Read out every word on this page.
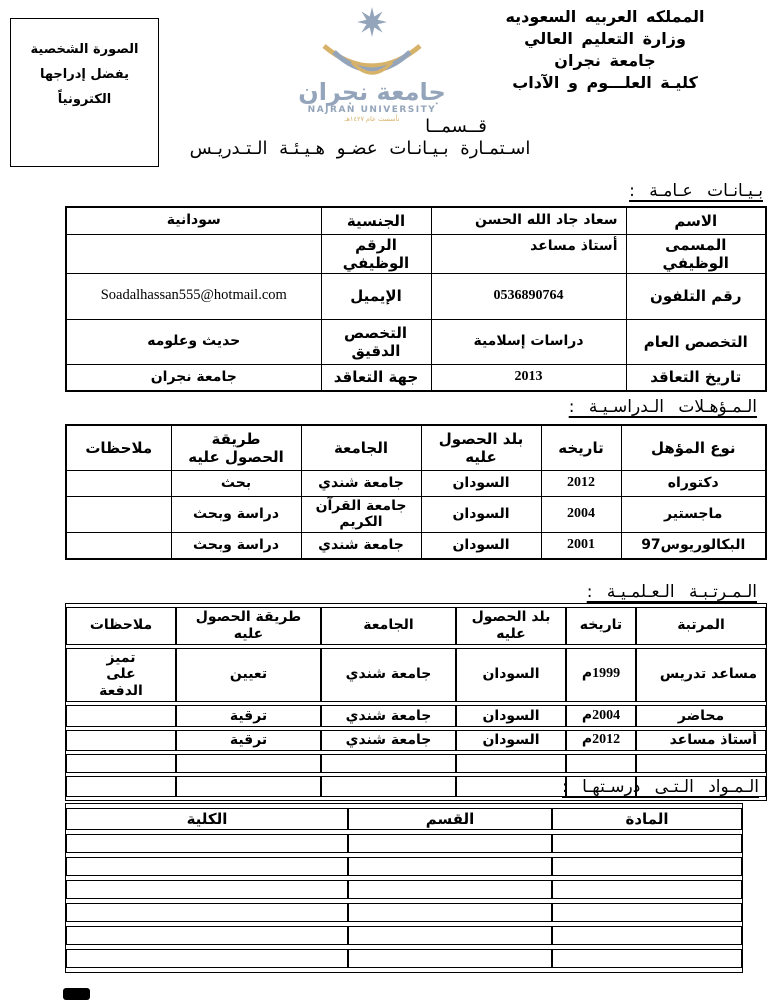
الصورة الشخصية
يفضل إدراجها الكترونياً	جامعة نجران
NAJRAN UNIVERSITY
تأسست عام ١٤٢٧هـ
المملكه العربيه السعوديه
وزارة التعليم العالي
جامعة نجران
كليـة العلـــوم و الآداب
قــسمــا
اسـتمـارة بـيـانـات عضـو هـيـئـة الـتـدريـس
بـيـانـات عـامـة :
الاسم	سعاد جاد الله الحسن	الجنسية	سودانية
المسمى الوظيفي	أستاذ مساعد	الرقم الوظيفي	
رقم التلفون	0536890764	الإيميل	Soadalhassan555@hotmail.com
التخصص العام	دراسات إسلامية	التخصص الدقيق	حديث وعلومه
تاريخ التعاقد	2013	جهة التعاقد	جامعة نجران
الـمـؤهـلات الـدراسـيـة :
نوع المؤهل	تاريخه	بلد الحصول عليه	الجامعة	طريقة الحصول عليه	ملاحظات
دكتوراه	2012	السودان	جامعة شندي	بحث	
ماجستير	2004	السودان	جامعة القرآن الكريم	دراسة وبحث	
البكالوريوس97	2001	السودان	جامعة شندي	دراسة وبحث	
الـمـرتـبـة الـعـلمـيـة :
المرتبة	تاريخه	بلد الحصول عليه	الجامعة	طريقة الحصول عليه	ملاحظات
مساعد تدريس	1999م	السودان	جامعة شندي	تعيين	تميز على الدفعة
محاضر	2004م	السودان	جامعة شندي	ترقية	
أستاذ مساعد	2012م	السودان	جامعة شندي	ترقية	

الـمـواد الـتـى درسـتهـا :
المادة	القسم	الكلية
